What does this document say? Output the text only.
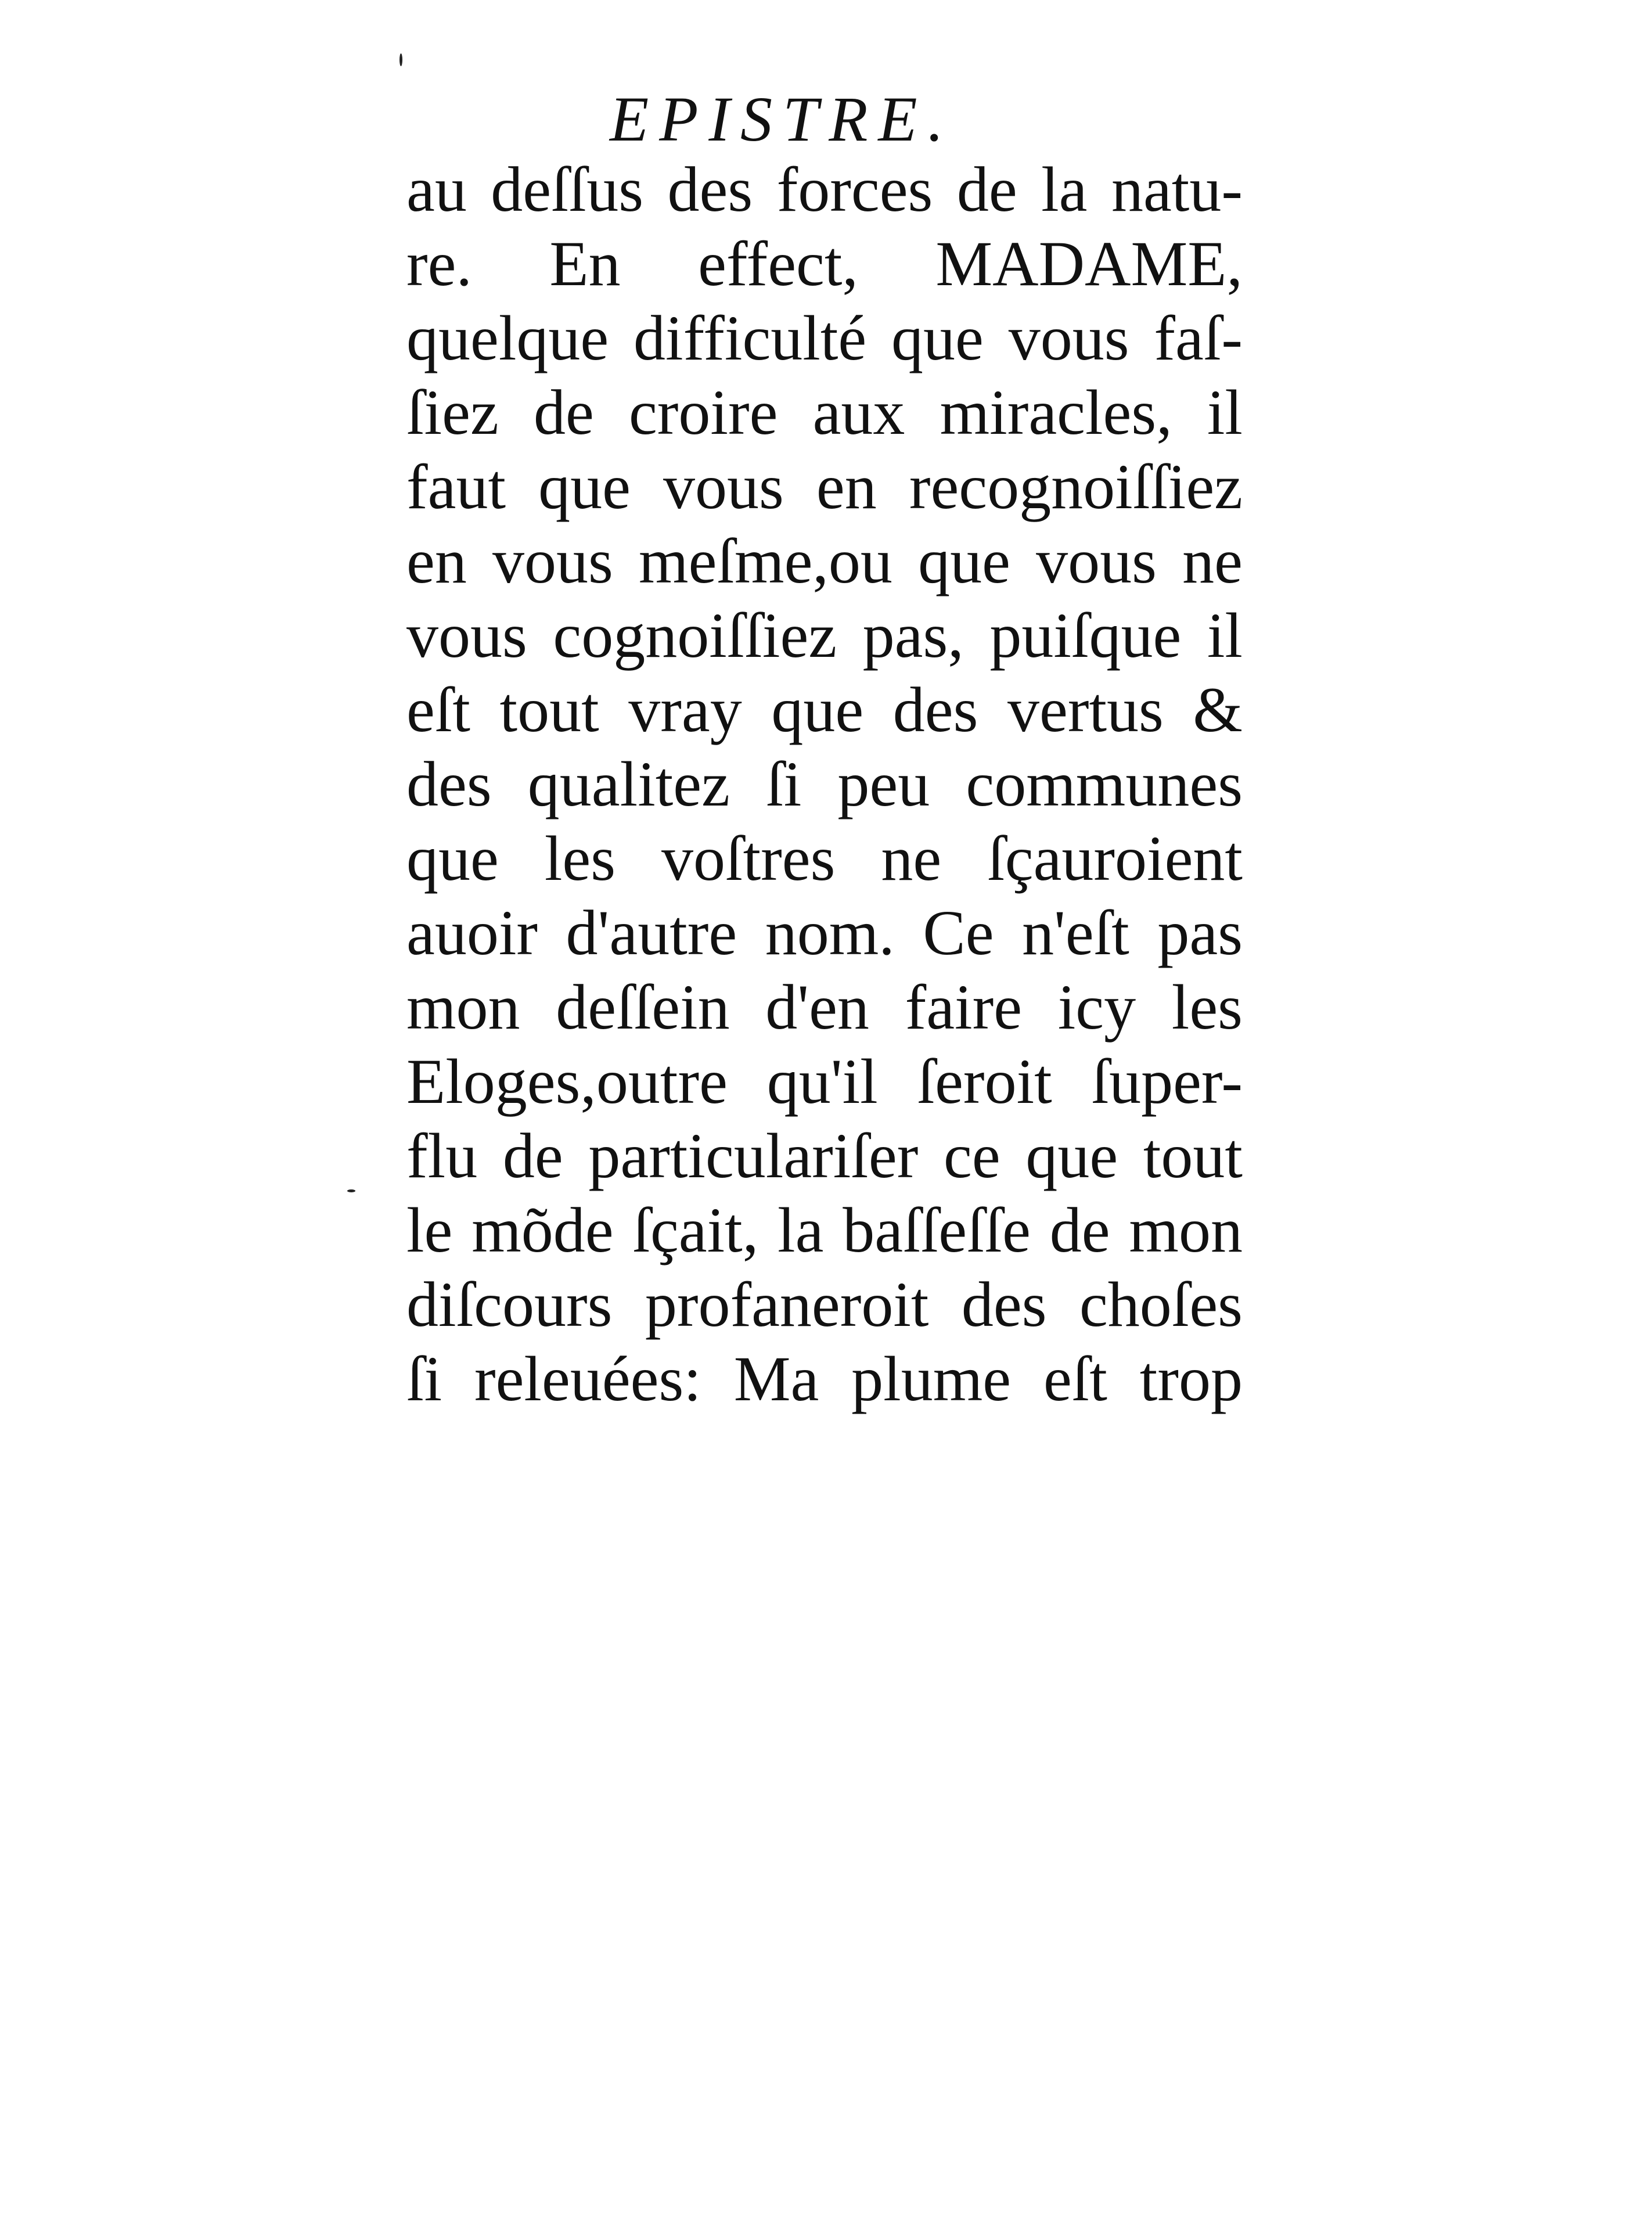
EPISTRE.
au deſſus des forces de la natu-
re. En effect, MADAME,
quelque difficulté que vous faſ-
ſiez de croire aux miracles, il
faut que vous en recognoiſſiez
en vous meſme,ou que vous ne
vous cognoiſſiez pas, puiſque il
eſt tout vray que des vertus &
des qualitez ſi peu communes
que les voſtres ne ſçauroient
auoir d'autre nom. Ce n'eſt pas
mon deſſein d'en faire icy les
Eloges,outre qu'il ſeroit ſuper-
flu de particulariſer ce que tout
le mõde ſçait, la baſſeſſe de mon
diſcours profaneroit des choſes
ſi releuées: Ma plume eſt trop
